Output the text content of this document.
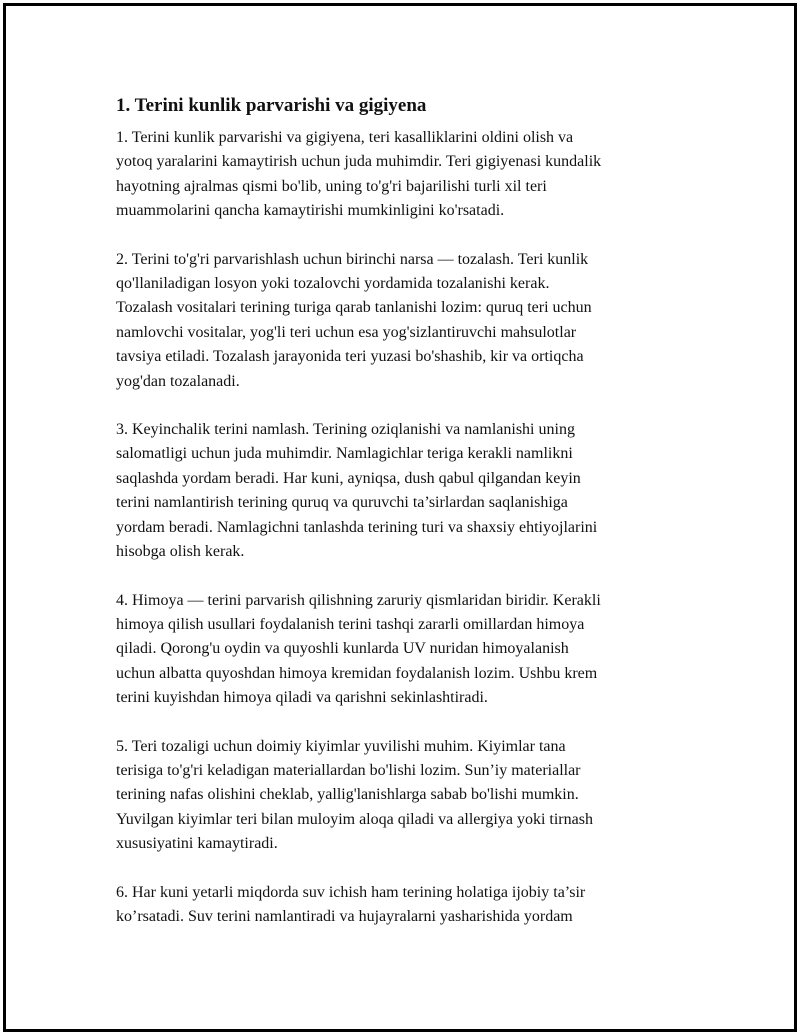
1. Terini kunlik parvarishi va gigiyena

1. Terini kunlik parvarishi va gigiyena, teri kasalliklarini oldini olish va
yotoq yaralarini kamaytirish uchun juda muhimdir. Teri gigiyenasi kundalik
hayotning ajralmas qismi bo'lib, uning to'g'ri bajarilishi turli xil teri
muammolarini qancha kamaytirishi mumkinligini ko'rsatadi.

2. Terini to'g'ri parvarishlash uchun birinchi narsa — tozalash. Teri kunlik
qo'llaniladigan losyon yoki tozalovchi yordamida tozalanishi kerak.
Tozalash vositalari terining turiga qarab tanlanishi lozim: quruq teri uchun
namlovchi vositalar, yog'li teri uchun esa yog'sizlantiruvchi mahsulotlar
tavsiya etiladi. Tozalash jarayonida teri yuzasi bo'shashib, kir va ortiqcha
yog'dan tozalanadi.

3. Keyinchalik terini namlash. Terining oziqlanishi va namlanishi uning
salomatligi uchun juda muhimdir. Namlagichlar teriga kerakli namlikni
saqlashda yordam beradi. Har kuni, ayniqsa, dush qabul qilgandan keyin
terini namlantirish terining quruq va quruvchi ta’sirlardan saqlanishiga
yordam beradi. Namlagichni tanlashda terining turi va shaxsiy ehtiyojlarini
hisobga olish kerak.

4. Himoya — terini parvarish qilishning zaruriy qismlaridan biridir. Kerakli
himoya qilish usullari foydalanish terini tashqi zararli omillardan himoya
qiladi. Qorong'u oydin va quyoshli kunlarda UV nuridan himoyalanish
uchun albatta quyoshdan himoya kremidan foydalanish lozim. Ushbu krem
terini kuyishdan himoya qiladi va qarishni sekinlashtiradi.

5. Teri tozaligi uchun doimiy kiyimlar yuvilishi muhim. Kiyimlar tana
terisiga to'g'ri keladigan materiallardan bo'lishi lozim. Sun’iy materiallar
terining nafas olishini cheklab, yallig'lanishlarga sabab bo'lishi mumkin.
Yuvilgan kiyimlar teri bilan muloyim aloqa qiladi va allergiya yoki tirnash
xususiyatini kamaytiradi.

6. Har kuni yetarli miqdorda suv ichish ham terining holatiga ijobiy ta’sir
ko’rsatadi. Suv terini namlantiradi va hujayralarni yasharishida yordam
